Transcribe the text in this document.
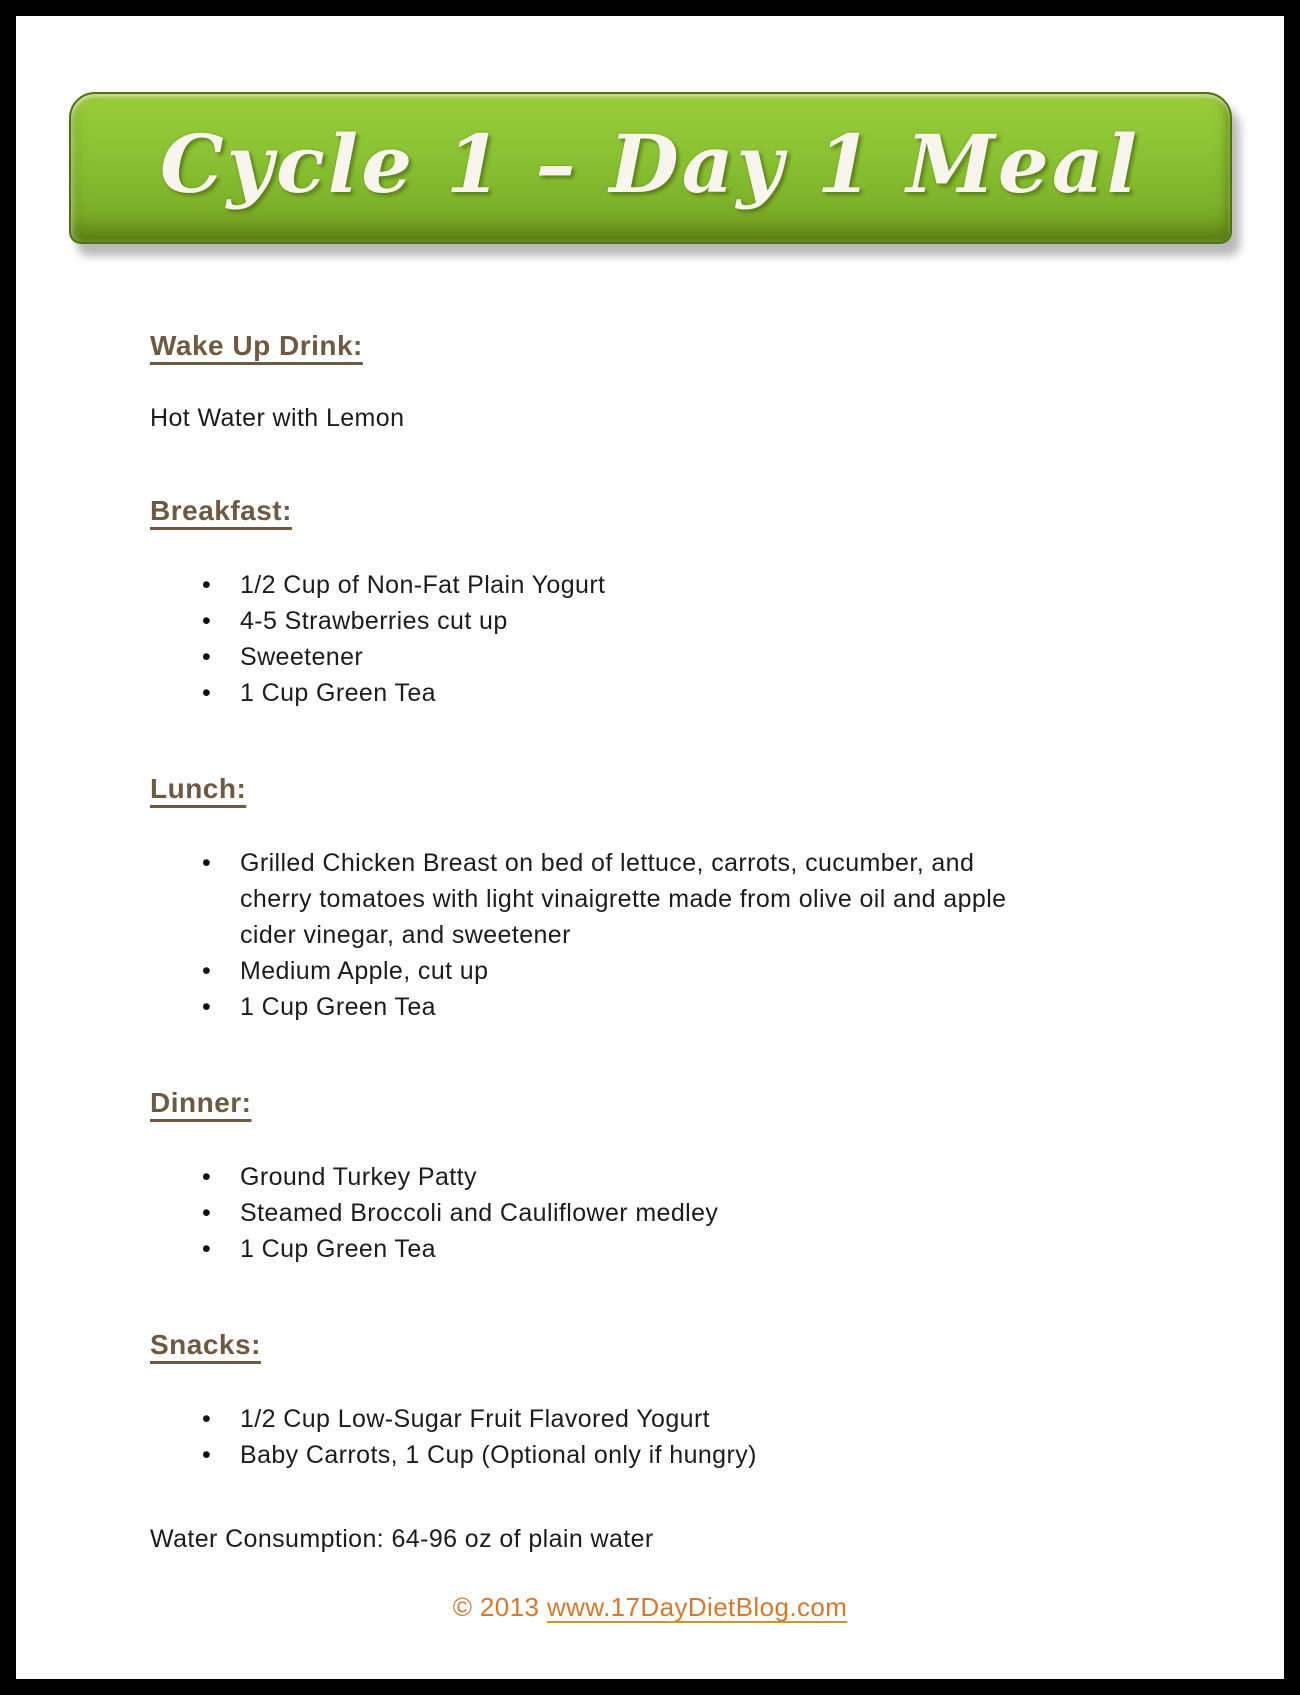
Cycle 1 – Day 1 Meal
Wake Up Drink:

Hot Water with Lemon

Breakfast:
• 1/2 Cup of Non-Fat Plain Yogurt
• 4-5 Strawberries cut up
• Sweetener
• 1 Cup Green Tea
Lunch:
• Grilled Chicken Breast on bed of lettuce, carrots, cucumber, and cherry tomatoes with light vinaigrette made from olive oil and apple cider vinegar, and sweetener
• Medium Apple, cut up
• 1 Cup Green Tea
Dinner:
• Ground Turkey Patty
• Steamed Broccoli and Cauliflower medley
• 1 Cup Green Tea
Snacks:
• 1/2 Cup Low-Sugar Fruit Flavored Yogurt
• Baby Carrots, 1 Cup (Optional only if hungry)

Water Consumption: 64-96 oz of plain water

© 2013 www.17DayDietBlog.com
